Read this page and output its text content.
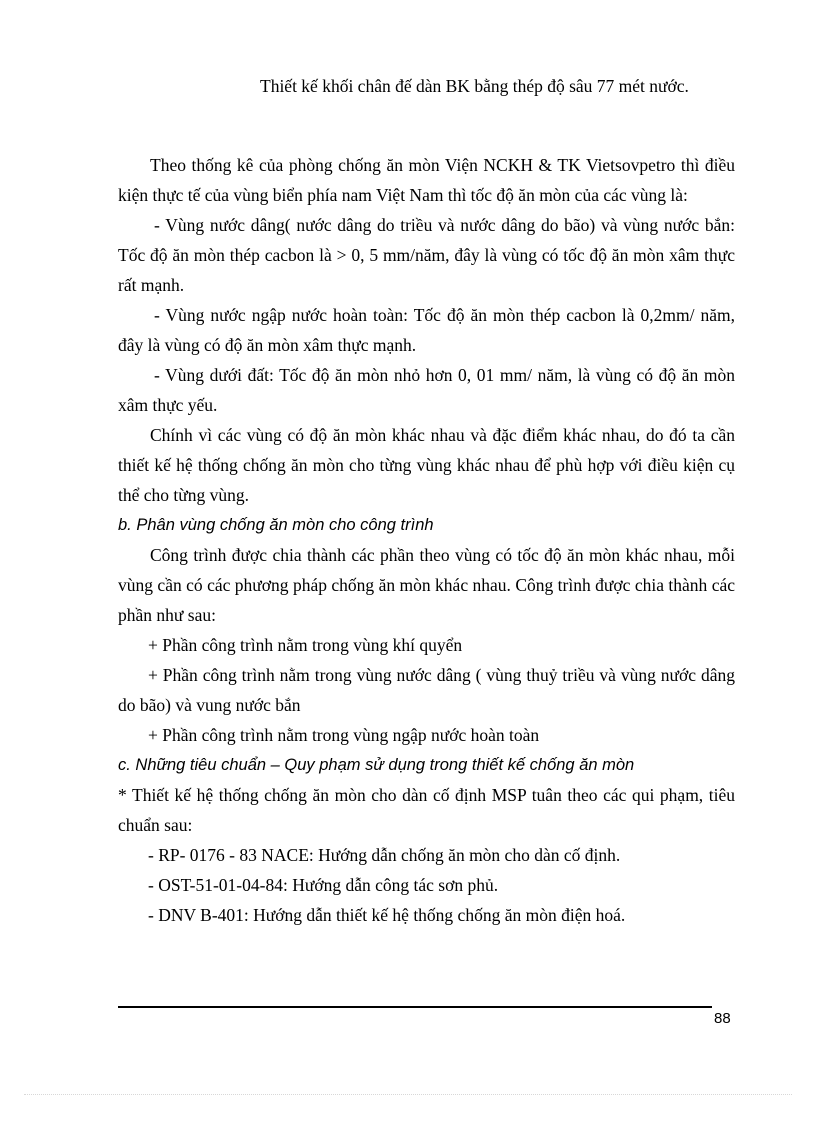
Thiết kế khối chân đế dàn BK bằng thép độ sâu 77 mét nước.

Theo thống kê của phòng chống ăn mòn Viện NCKH & TK Vietsovpetro thì điều kiện thực tế của vùng biển phía nam Việt Nam thì tốc độ ăn mòn của các vùng là:

- Vùng nước dâng( nước dâng do triều và nước dâng do bão) và vùng nước bắn: Tốc độ ăn mòn thép cacbon là > 0, 5 mm/năm, đây là vùng có tốc độ ăn mòn xâm thực rất mạnh.

- Vùng nước ngập nước hoàn toàn: Tốc độ ăn mòn thép cacbon là 0,2mm/ năm, đây là vùng có độ ăn mòn xâm thực mạnh.

- Vùng dưới đất: Tốc độ ăn mòn nhỏ hơn 0, 01 mm/ năm, là vùng có độ ăn mòn xâm thực yếu.

Chính vì các vùng có độ ăn mòn khác nhau và đặc điểm khác nhau, do đó ta cần thiết kế hệ thống chống ăn mòn cho từng vùng khác nhau để phù hợp với điều kiện cụ thể cho từng vùng.

b. Phân vùng chống ăn mòn cho công trình

Công trình được chia thành các phần theo vùng có tốc độ ăn mòn khác nhau, mỗi vùng cần có các phương pháp chống ăn mòn khác nhau. Công trình được chia thành các phần như sau:

+ Phần công trình nằm trong vùng khí quyển

+ Phần công trình nằm trong vùng nước dâng ( vùng thuỷ triều và vùng nước dâng do bão) và vung nước bắn

+ Phần công trình nằm trong vùng ngập nước hoàn toàn

c. Những tiêu chuẩn – Quy phạm sử dụng trong thiết kế chống ăn mòn

* Thiết kế hệ thống chống ăn mòn cho dàn cố định MSP tuân theo các qui phạm, tiêu chuẩn sau:

- RP- 0176 - 83 NACE: Hướng dẫn chống ăn mòn cho dàn cố định.

- OST-51-01-04-84: Hướng dẫn công tác sơn phủ.

- DNV B-401: Hướng dẫn thiết kế hệ thống chống ăn mòn điện hoá.

88
